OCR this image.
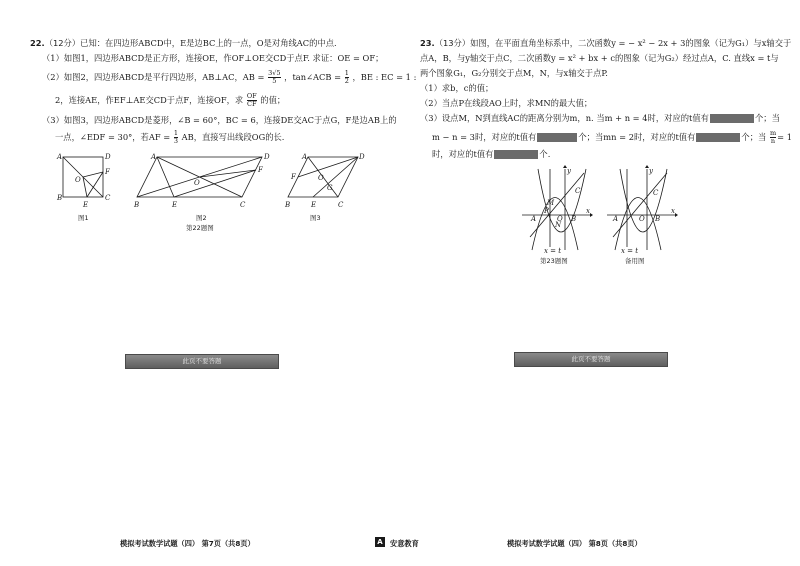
22.（12分）已知：在四边形ABCD中，E是边BC上的一点，O是对角线AC的中点.
（1）如图1，四边形ABCD是正方形，连接OE，作OF⊥OE交CD于点F. 求证：OE = OF；
（2）如图2，四边形ABCD是平行四边形，AB⊥AC，AB = $\frac{3√5}{5}$ ，tan∠ACB = $\frac{1}{2}$ ，BE : EC = 1 :
2，连接AE，作EF⊥AE交CD于点F，连接OF，求 $\frac{OF}{CF}$ 的值；
（3）如图3，四边形ABCD是菱形，∠B = 60°，BC = 6，连接DE交AC于点G，F是边AB上的
一点，∠EDF = 30°，若AF = $\frac{1}{3}$ AB，直接写出线段OG的长.
A	D
B	C
O
F
E
图1
A	D
B	C
O
F
E
图2
第22题图
A	D
B	C
O
G
F
E
图3
此页不要答题
模拟考试数学试题（四） 第7页（共8页）	A	安意教育
23.（13分）如图，在平面直角坐标系中，二次函数y = − x² − 2x + 3的图象（记为G₁）与x轴交于
点A，B，与y轴交于点C，二次函数y = x² + bx + c的图象（记为G₂）经过点A，C. 直线x = t与
两个图象G₁，G₂分别交于点M，N，与x轴交于点P.
（1）求b，c的值；
（2）当点P在线段AO上时，求MN的最大值；
（3）设点M，N到直线AC的距离分别为m，n. 当m + n = 4时，对应的t值有	个；当
m − n = 3时，对应的t值有	个；当mn = 2时，对应的t值有	个；当 $\frac{m}{n} = 1$
时，对应的t值有	个.
y
x
P
A	O B
M
N
C
x = t
第23题图
y
x
A	O B
C
x = t
备用图
此页不要答题
模拟考试数学试题（四） 第8页（共8页）
